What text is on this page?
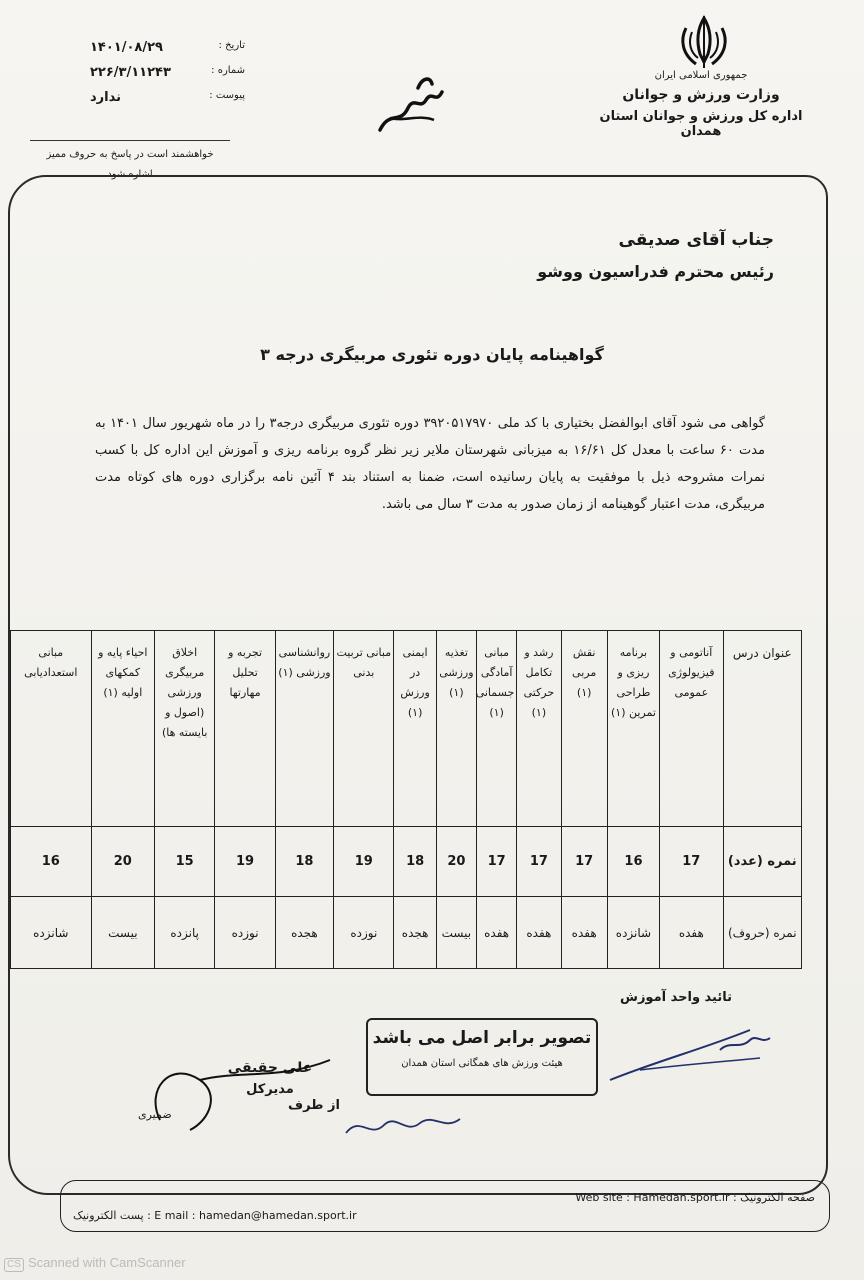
جمهوری اسلامی ایران
وزارت ورزش و جوانان
اداره کل ورزش و جوانان استان همدان
تاریخ :
۱۴۰۱/۰۸/۲۹
شماره :
۲۲۶/۳/۱۱۲۴۳
پیوست :
ندارد
خواهشمند است در پاسخ به حروف ممیز
اشاره شود
جناب آقای صدیقی
رئیس محترم فدراسیون ووشو
گواهینامه پایان دوره تئوری مربیگری درجه ۳
گواهی می شود آقای ابوالفضل بختیاری با کد ملی ۳۹۲۰۵۱۷۹۷۰ دوره تئوری مربیگری درجه۳ را در ماه شهریور سال ۱۴۰۱ به مدت ۶۰ ساعت با معدل کل ۱۶/۶۱ به میزبانی شهرستان ملایر زیر نظر گروه برنامه ریزی و آموزش این اداره کل با کسب نمرات مشروحه ذیل با موفقیت به پایان رسانیده است، ضمنا به استناد بند ۴ آئین نامه برگزاری دوره های کوتاه مدت مربیگری، مدت اعتبار گوهینامه از زمان صدور به مدت ۳ سال می باشد.
عنوان درس	آناتومی و فیزیولوژی عمومی	برنامه ریزی و طراحی تمرین (۱)	نقش مربی (۱)	رشد و تکامل حرکتی (۱)	مبانی آمادگی جسمانی (۱)	تغذیه ورزشی (۱)	ایمنی در ورزش (۱)	مبانی تربیت بدنی	روانشناسی ورزشی (۱)	تجربه و تحلیل مهارتها	اخلاق مربیگری ورزشی (اصول و بایسته ها)	احیاء پایه و کمکهای اولیه (۱)	مبانی استعدادیابی
نمره (عدد)	17	16	17	17	17	20	18	19	18	19	15	20	16
نمره (حروف)	هفده	شانزده	هفده	هفده	هفده	بیست	هجده	نوزده	هجده	نوزده	پانزده	بیست	شانزده
تائید واحد آموزش
تصویر برابر اصل می باشد
هیئت ورزش های همگانی استان همدان
علی حقیقی
مدیرکل
از طرف
ضمیری
صفحه الکترونیک : Web site : Hamedan.sport.ir
E mail : hamedan@hamedan.sport.ir : پست الکترونیک
CS Scanned with CamScanner
